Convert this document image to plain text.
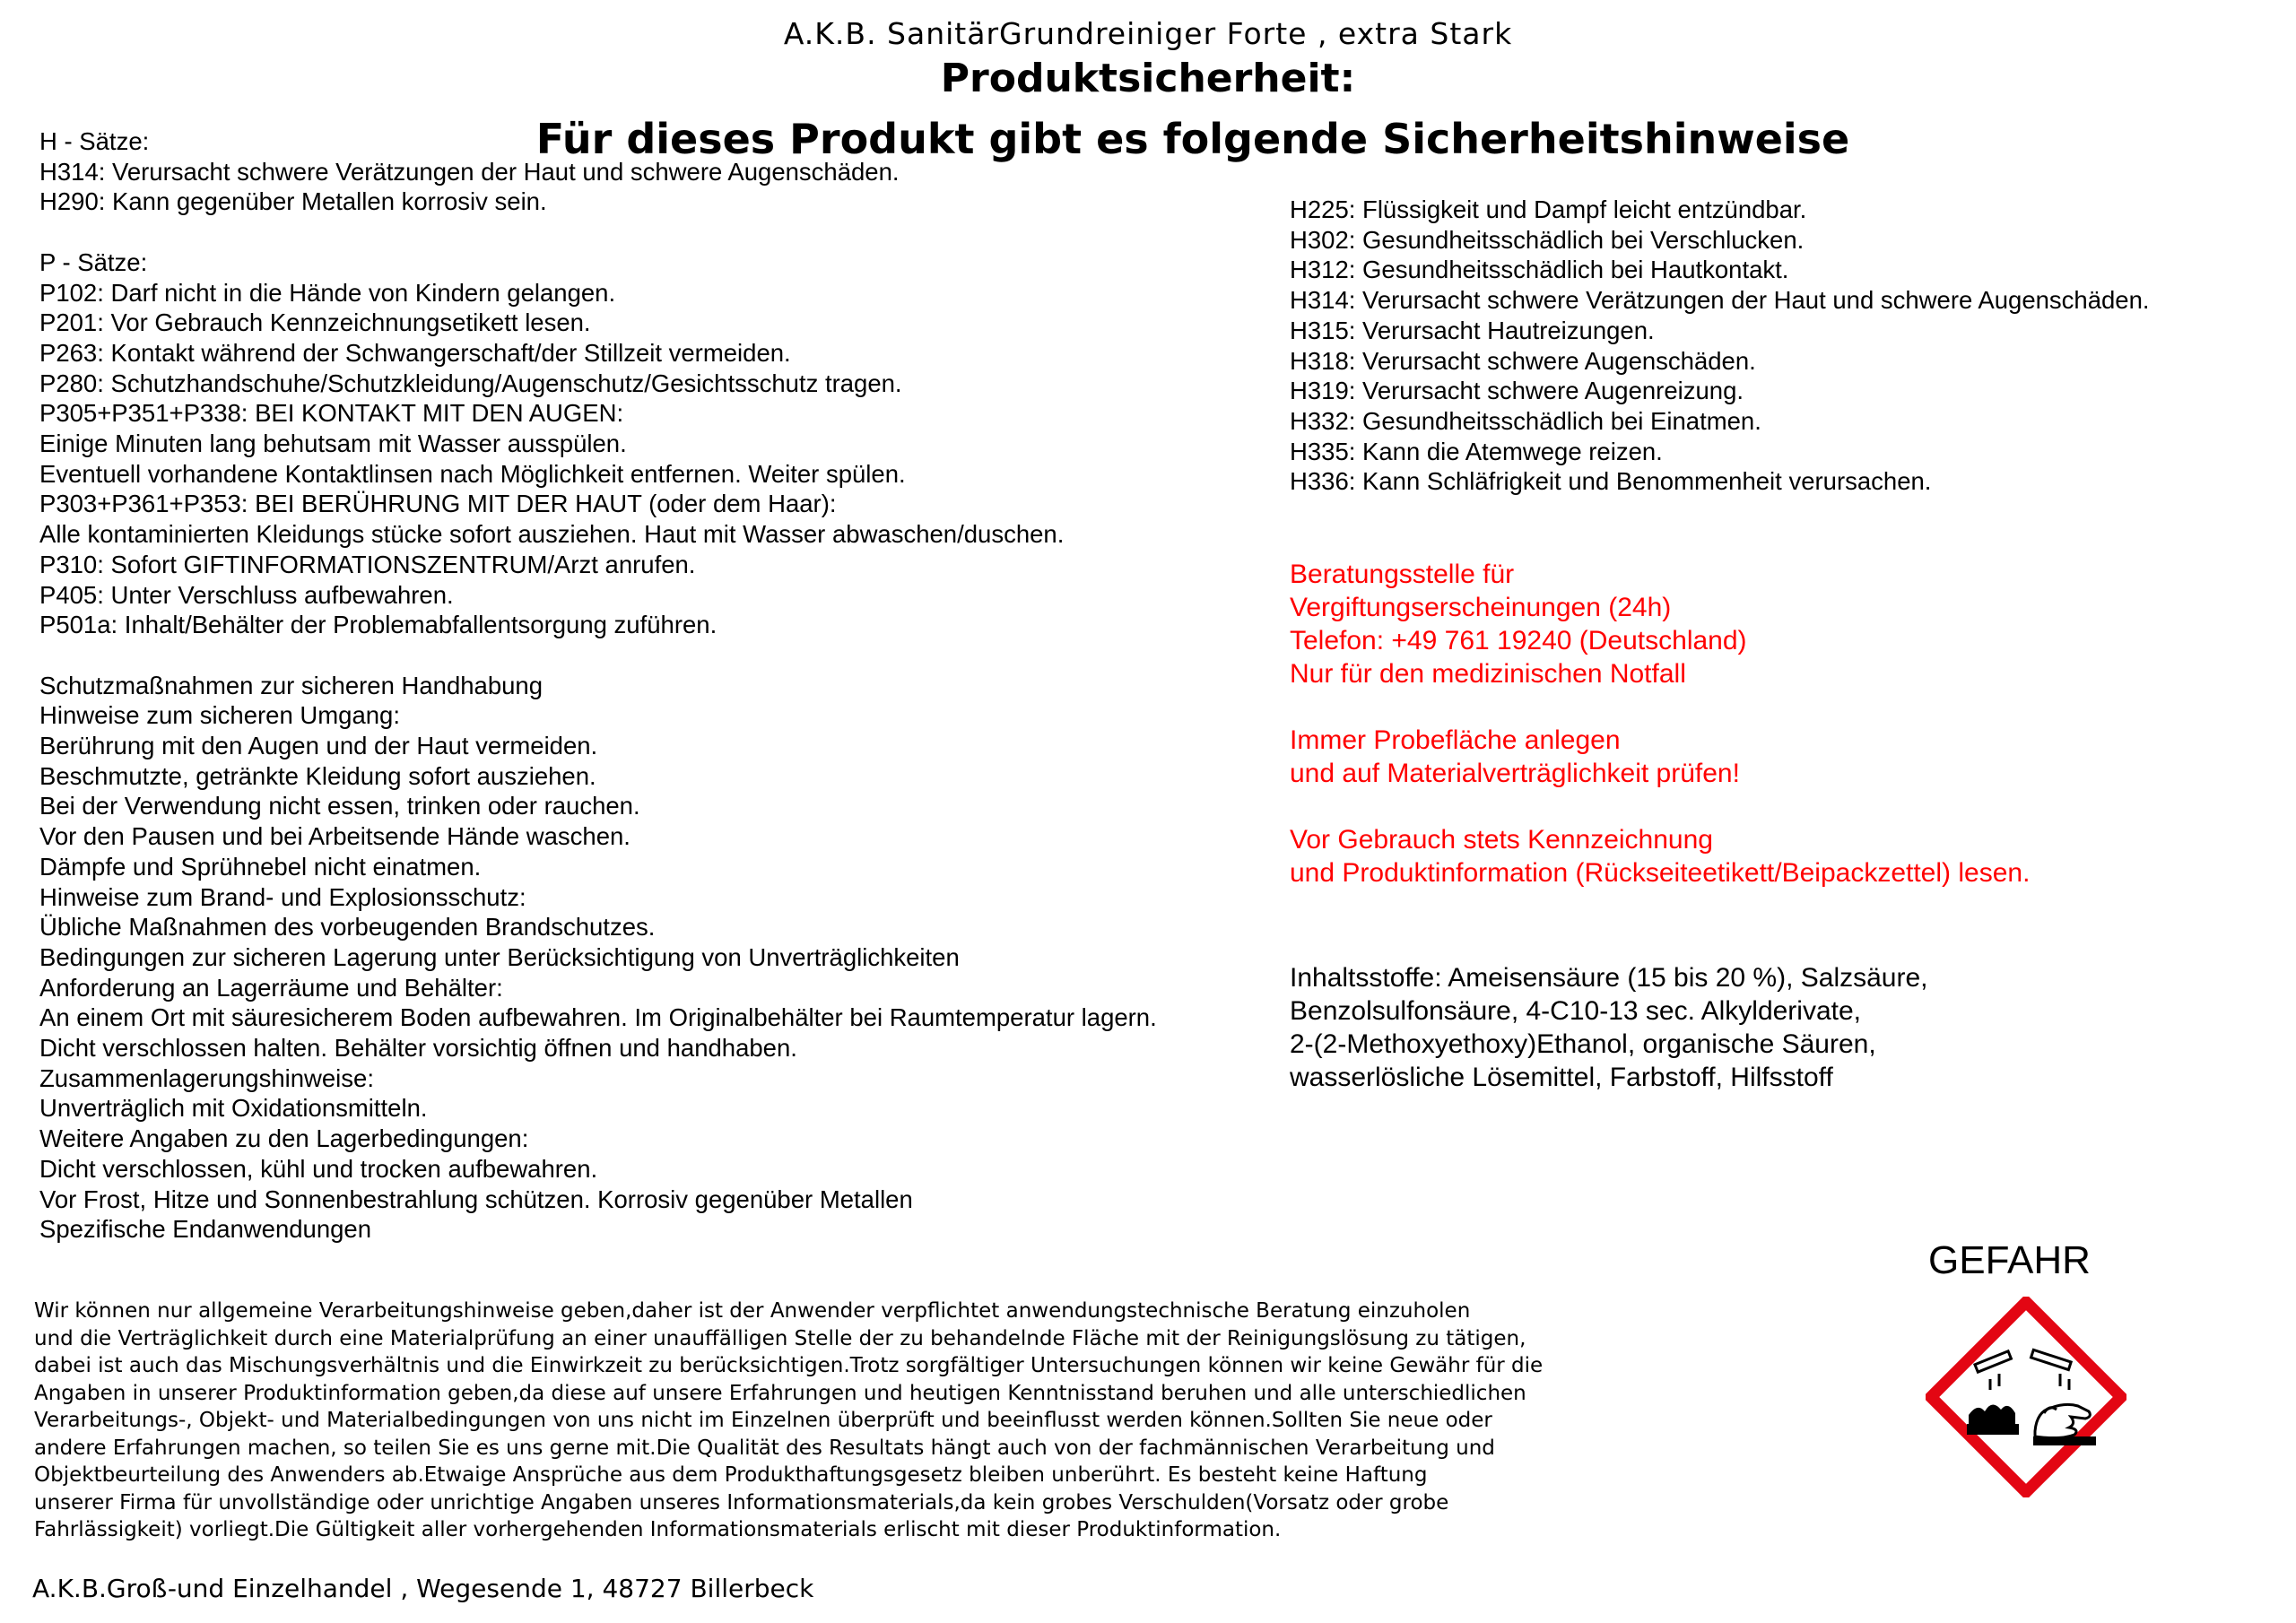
A.K.B. SanitärGrundreiniger Forte , extra Stark
Produktsicherheit:
Für dieses Produkt gibt es folgende Sicherheitshinweise
H - Sätze:
H314: Verursacht schwere Verätzungen der Haut und schwere Augenschäden.
H290: Kann gegenüber Metallen korrosiv sein.
P - Sätze:
P102: Darf nicht in die Hände von Kindern gelangen.
P201: Vor Gebrauch Kennzeichnungsetikett lesen.
P263: Kontakt während der Schwangerschaft/der Stillzeit vermeiden.
P280: Schutzhandschuhe/Schutzkleidung/Augenschutz/Gesichtsschutz tragen.
P305+P351+P338: BEI KONTAKT MIT DEN AUGEN:
Einige Minuten lang behutsam mit Wasser ausspülen.
Eventuell vorhandene Kontaktlinsen nach Möglichkeit entfernen. Weiter spülen.
P303+P361+P353: BEI BERÜHRUNG MIT DER HAUT (oder dem Haar):
Alle kontaminierten Kleidungs stücke sofort ausziehen. Haut mit Wasser abwaschen/duschen.
P310: Sofort GIFTINFORMATIONSZENTRUM/Arzt anrufen.
P405: Unter Verschluss aufbewahren.
P501a: Inhalt/Behälter der Problemabfallentsorgung zuführen.
Schutzmaßnahmen zur sicheren Handhabung
Hinweise zum sicheren Umgang:
Berührung mit den Augen und der Haut vermeiden.
Beschmutzte, getränkte Kleidung sofort ausziehen.
Bei der Verwendung nicht essen, trinken oder rauchen.
Vor den Pausen und bei Arbeitsende Hände waschen.
Dämpfe und Sprühnebel nicht einatmen.
Hinweise zum Brand- und Explosionsschutz:
Übliche Maßnahmen des vorbeugenden Brandschutzes.
Bedingungen zur sicheren Lagerung unter Berücksichtigung von Unverträglichkeiten
Anforderung an Lagerräume und Behälter:
An einem Ort mit säuresicherem Boden aufbewahren. Im Originalbehälter bei Raumtemperatur lagern.
Dicht verschlossen halten. Behälter vorsichtig öffnen und handhaben.
Zusammenlagerungshinweise:
Unverträglich mit Oxidationsmitteln.
Weitere Angaben zu den Lagerbedingungen:
Dicht verschlossen, kühl und trocken aufbewahren.
Vor Frost, Hitze und Sonnenbestrahlung schützen. Korrosiv gegenüber Metallen
Spezifische Endanwendungen
H225: Flüssigkeit und Dampf leicht entzündbar.
H302: Gesundheitsschädlich bei Verschlucken.
H312: Gesundheitsschädlich bei Hautkontakt.
H314: Verursacht schwere Verätzungen der Haut und schwere Augenschäden.
H315: Verursacht Hautreizungen.
H318: Verursacht schwere Augenschäden.
H319: Verursacht schwere Augenreizung.
H332: Gesundheitsschädlich bei Einatmen.
H335: Kann die Atemwege reizen.
H336: Kann Schläfrigkeit und Benommenheit verursachen.
Beratungsstelle für
Vergiftungserscheinungen (24h)
Telefon: +49 761 19240 (Deutschland)
Nur für den medizinischen Notfall
Immer Probefläche anlegen
und auf Materialverträglichkeit prüfen!
Vor Gebrauch stets Kennzeichnung
und Produktinformation (Rückseiteetikett/Beipackzettel) lesen.
Inhaltsstoffe: Ameisensäure (15 bis 20 %), Salzsäure,
Benzolsulfonsäure, 4-C10-13 sec. Alkylderivate,
2-(2-Methoxyethoxy)Ethanol, organische Säuren,
wasserlösliche Lösemittel, Farbstoff, Hilfsstoff
GEFAHR
Wir können nur allgemeine Verarbeitungshinweise geben,daher ist der Anwender verpflichtet anwendungstechnische Beratung einzuholen
und die Verträglichkeit durch eine Materialprüfung an einer unauffälligen Stelle der zu behandelnde Fläche mit der Reinigungslösung zu tätigen,
dabei ist auch das Mischungsverhältnis und die Einwirkzeit zu berücksichtigen.Trotz sorgfältiger Untersuchungen können wir keine Gewähr für die
Angaben in unserer Produktinformation geben,da diese auf unsere Erfahrungen und heutigen Kenntnisstand beruhen und alle unterschiedlichen
Verarbeitungs-, Objekt- und Materialbedingungen von uns nicht im Einzelnen überprüft und beeinflusst werden können.Sollten Sie neue oder
andere Erfahrungen machen, so teilen Sie es uns gerne mit.Die Qualität des Resultats hängt auch von der fachmännischen Verarbeitung und
Objektbeurteilung des Anwenders ab.Etwaige Ansprüche aus dem Produkthaftungsgesetz bleiben unberührt. Es besteht keine Haftung
unserer Firma für unvollständige oder unrichtige Angaben unseres Informationsmaterials,da kein grobes Verschulden(Vorsatz oder grobe
Fahrlässigkeit) vorliegt.Die Gültigkeit aller vorhergehenden Informationsmaterials erlischt mit dieser Produktinformation.
A.K.B.Groß-und Einzelhandel , Wegesende 1, 48727 Billerbeck
